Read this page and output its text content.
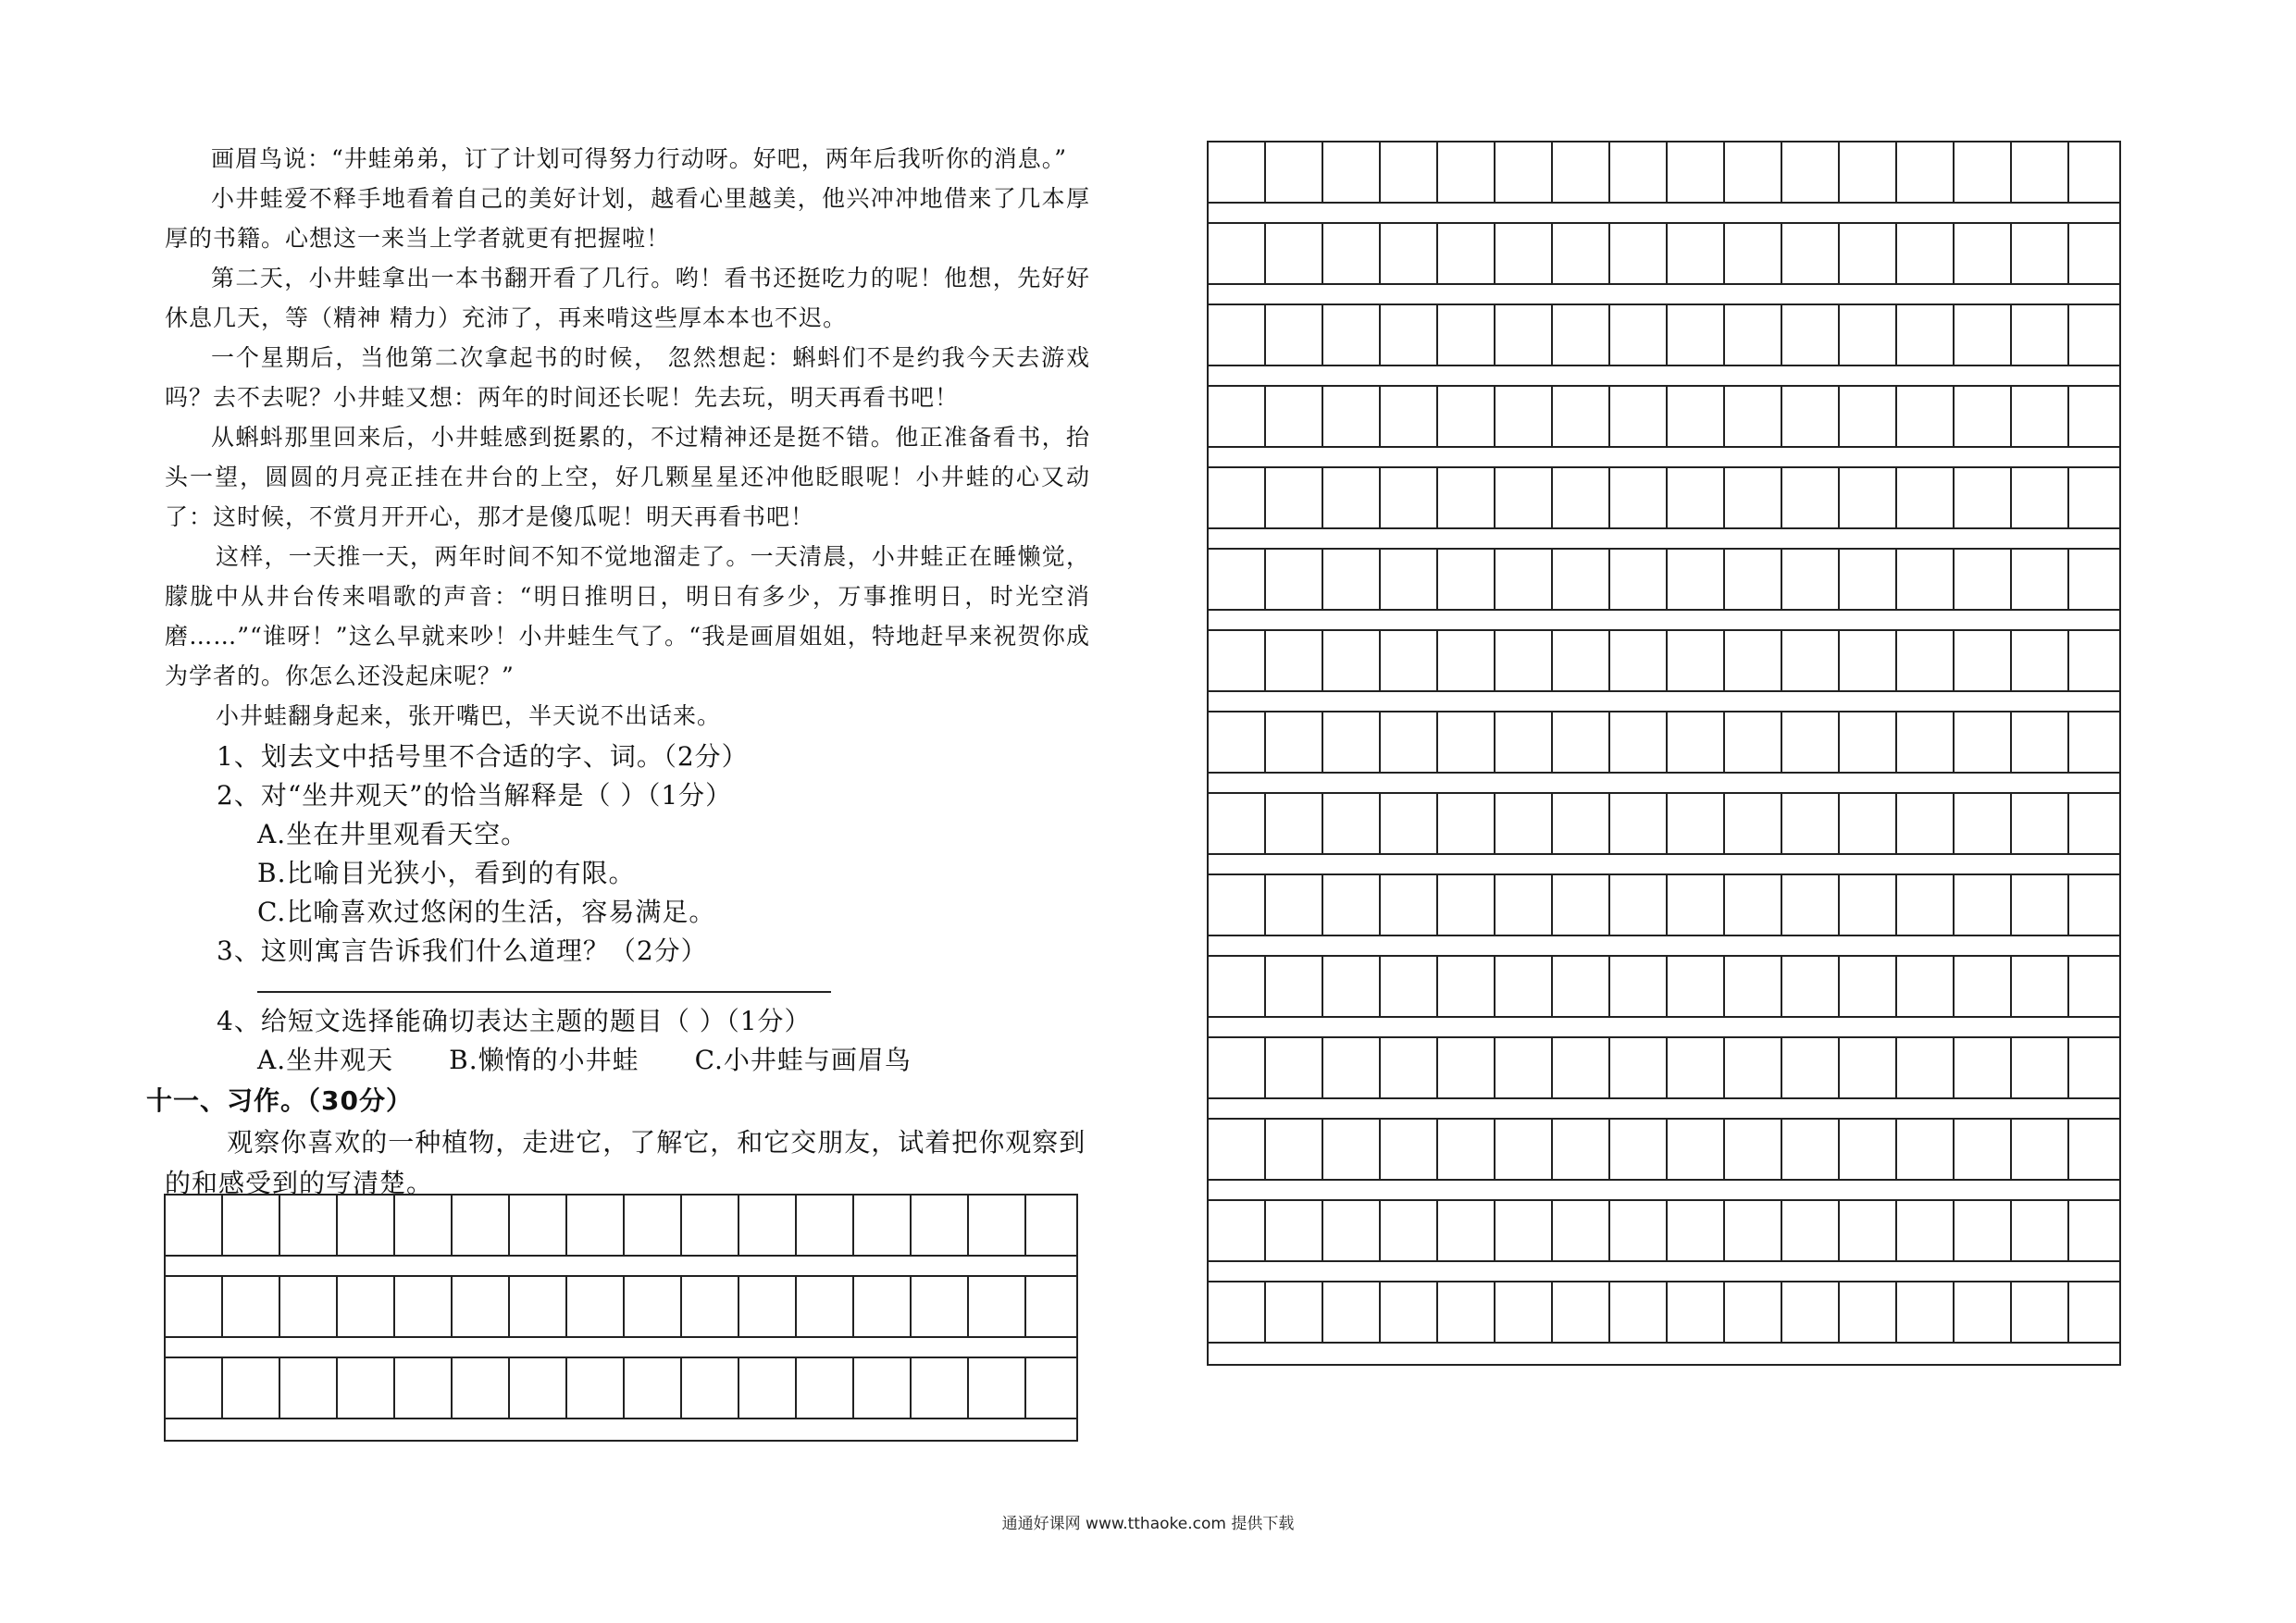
画眉鸟说：“井蛙弟弟，订了计划可得努力行动呀。好吧，两年后我听你的消息。”

小井蛙爱不释手地看着自己的美好计划，越看心里越美，他兴冲冲地借来了几本厚厚的书籍。心想这一来当上学者就更有把握啦！

第二天，小井蛙拿出一本书翻开看了几行。哟！看书还挺吃力的呢！他想，先好好休息几天，等（精神 精力）充沛了，再来啃这些厚本本也不迟。

一个星期后，当他第二次拿起书的时候， 忽然想起：蝌蚪们不是约我今天去游戏吗？去不去呢？小井蛙又想：两年的时间还长呢！先去玩，明天再看书吧！

从蝌蚪那里回来后，小井蛙感到挺累的，不过精神还是挺不错。他正准备看书，抬头一望，圆圆的月亮正挂在井台的上空，好几颗星星还冲他眨眼呢！小井蛙的心又动了：这时候，不赏月开开心，那才是傻瓜呢！明天再看书吧！

这样，一天推一天，两年时间不知不觉地溜走了。一天清晨，小井蛙正在睡懒觉，朦胧中从井台传来唱歌的声音：“明日推明日，明日有多少，万事推明日，时光空消磨……”“谁呀！”这么早就来吵！小井蛙生气了。“我是画眉姐姐，特地赶早来祝贺你成为学者的。你怎么还没起床呢？”

小井蛙翻身起来，张开嘴巴，半天说不出话来。

1、划去文中括号里不合适的字、词。（2分）
2、对“坐井观天”的恰当解释是（ ）（1分）
A.坐在井里观看天空。
B.比喻目光狭小，看到的有限。
C.比喻喜欢过悠闲的生活，容易满足。
3、这则寓言告诉我们什么道理？（2分）
4、给短文选择能确切表达主题的题目（ ）（1分）
A.坐井观天 B.懒惰的小井蛙 C.小井蛙与画眉鸟
十一、习作。（30分）

观察你喜欢的一种植物，走进它，了解它，和它交朋友，试着把你观察到的和感受到的写清楚。

通通好课网 www.tthaoke.com 提供下载
